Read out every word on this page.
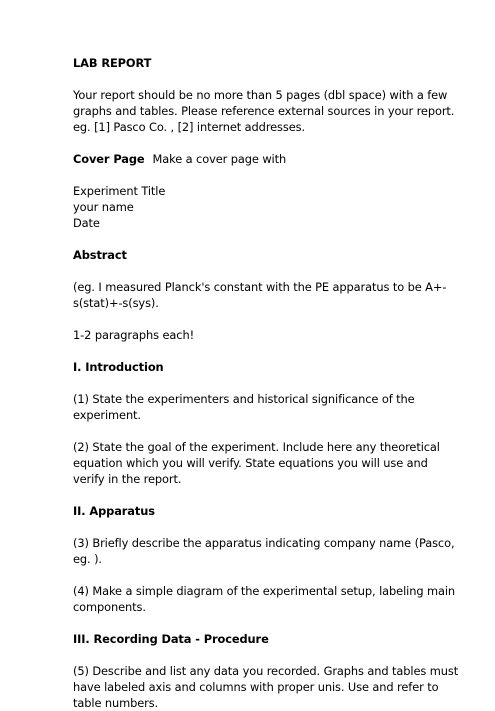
LAB REPORT

Your report should be no more than 5 pages (dbl space) with a few

graphs and tables. Please reference external sources in your report.

eg. [1] Pasco Co. , [2] internet addresses.

Cover Page Make a cover page with

Experiment Title

your name

Date

Abstract

(eg. I measured Planck's constant with the PE apparatus to be A+-

s(stat)+-s(sys).

1-2 paragraphs each!

I. Introduction

(1) State the experimenters and historical significance of the

experiment.

(2) State the goal of the experiment. Include here any theoretical

equation which you will verify. State equations you will use and

verify in the report.

II. Apparatus

(3) Briefly describe the apparatus indicating company name (Pasco,

eg. ).

(4) Make a simple diagram of the experimental setup, labeling main

components.

III. Recording Data - Procedure

(5) Describe and list any data you recorded. Graphs and tables must

have labeled axis and columns with proper unis. Use and refer to

table numbers.
